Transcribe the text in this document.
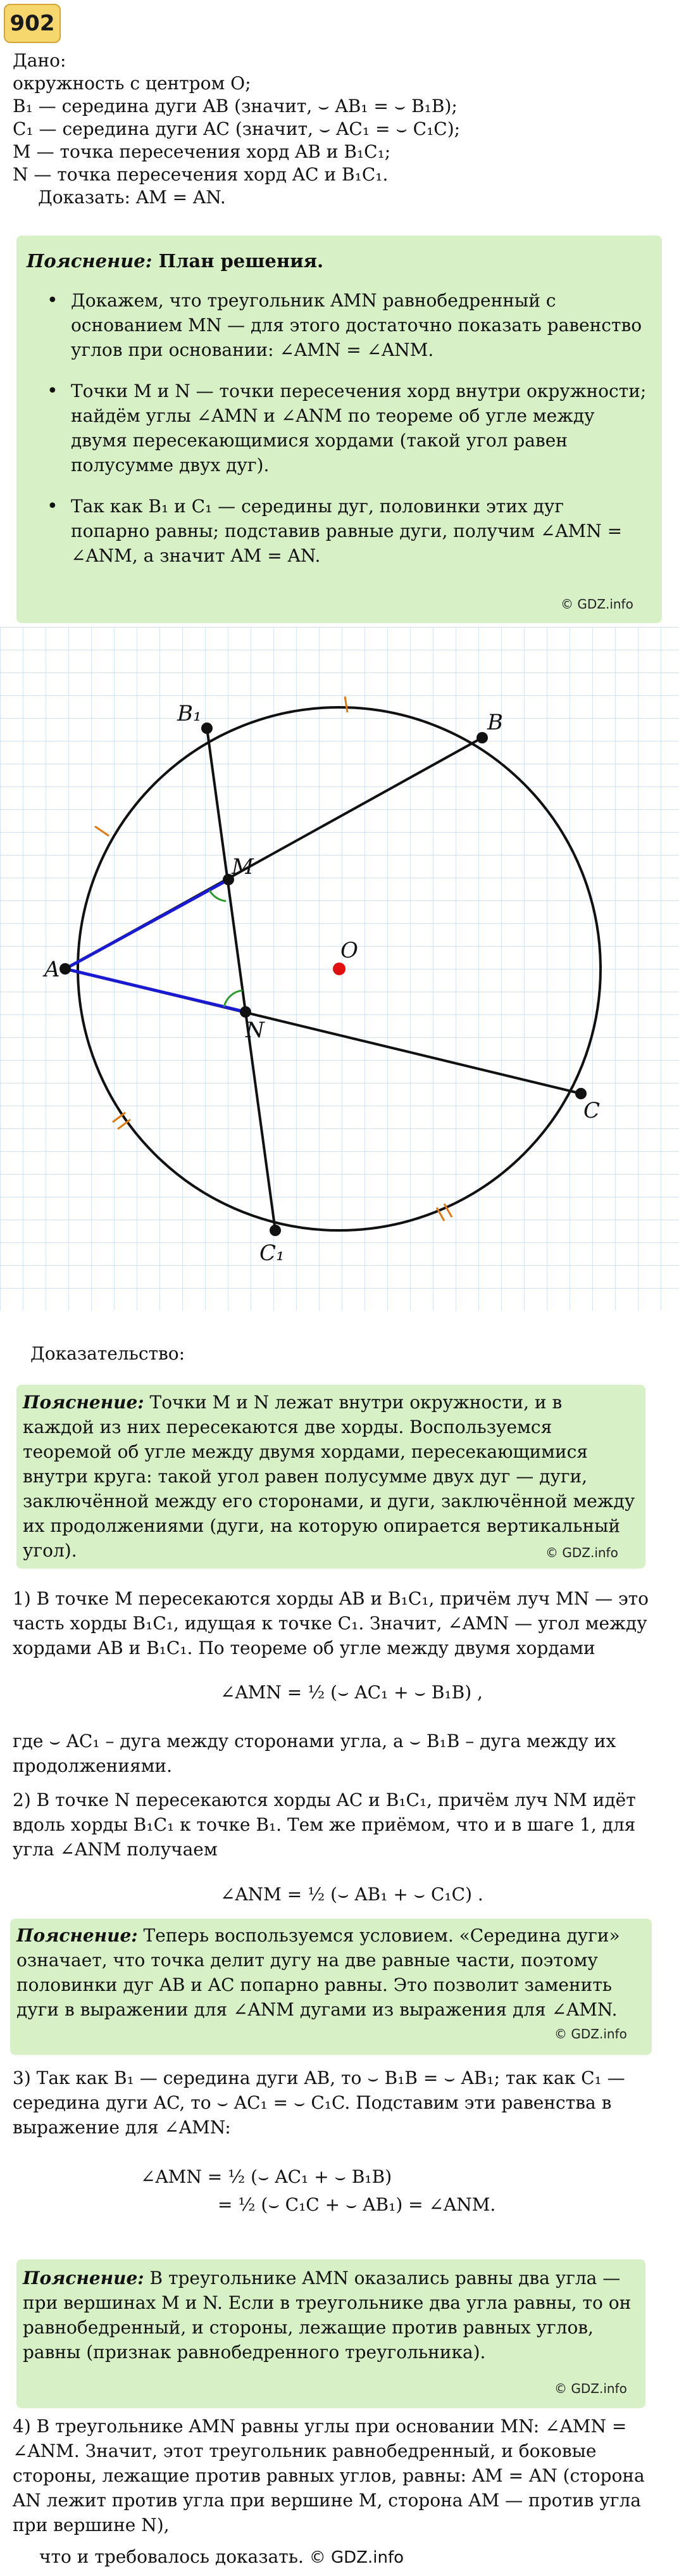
902
Дано:
окружность с центром O;
B₁ — середина дуги AB (значит, ⌣ AB₁ = ⌣ B₁B);
C₁ — середина дуги AC (значит, ⌣ AC₁ = ⌣ C₁C);
M — точка пересечения хорд AB и B₁C₁;
N — точка пересечения хорд AC и B₁C₁.
Доказать: AM = AN.
Пояснение: План решения.
• Докажем, что треугольник AMN равнобедренный с основанием MN — для этого достаточно показать равенство углов при основании: ∠AMN = ∠ANM.
• Точки M и N — точки пересечения хорд внутри окружности; найдём углы ∠AMN и ∠ANM по теореме об угле между двумя пересекающимися хордами (такой угол равен полусумме двух дуг).
• Так как B₁ и C₁ — середины дуг, половинки этих дуг попарно равны; подставив равные дуги, получим ∠AMN = ∠ANM, а значит AM = AN.
© GDZ.info
A
B₁	B
C
C₁
M
N
O
Доказательство:
Пояснение: Точки M и N лежат внутри окружности, и в каждой из них пересекаются две хорды. Воспользуемся теоремой об угле между двумя хордами, пересекающимися внутри круга: такой угол равен полусумме двух дуг — дуги, заключённой между его сторонами, и дуги, заключённой между их продолжениями (дуги, на которую опирается вертикальный угол).	© GDZ.info
1) В точке M пересекаются хорды AB и B₁C₁, причём луч MN — это часть хорды B₁C₁, идущая к точке C₁. Значит, ∠AMN — угол между хордами AB и B₁C₁. По теореме об угле между двумя хордами
∠AMN = ½ (⌣ AC₁ + ⌣ B₁B) ,
где ⌣ AC₁ – дуга между сторонами угла, а ⌣ B₁B – дуга между их продолжениями.
2) В точке N пересекаются хорды AC и B₁C₁, причём луч NM идёт вдоль хорды B₁C₁ к точке B₁. Тем же приёмом, что и в шаге 1, для угла ∠ANM получаем
∠ANM = ½ (⌣ AB₁ + ⌣ C₁C) .
Пояснение: Теперь воспользуемся условием. «Середина дуги» означает, что точка делит дугу на две равные части, поэтому половинки дуг AB и AC попарно равны. Это позволит заменить дуги в выражении для ∠ANM дугами из выражения для ∠AMN.
© GDZ.info
3) Так как B₁ — середина дуги AB, то ⌣ B₁B = ⌣ AB₁; так как C₁ — середина дуги AC, то ⌣ AC₁ = ⌣ C₁C. Подставим эти равенства в выражение для ∠AMN:
∠AMN = ½ (⌣ AC₁ + ⌣ B₁B)
= ½ (⌣ C₁C + ⌣ AB₁) = ∠ANM.
Пояснение: В треугольнике AMN оказались равны два угла — при вершинах M и N. Если в треугольнике два угла равны, то он равнобедренный, и стороны, лежащие против равных углов, равны (признак равнобедренного треугольника).
© GDZ.info
4) В треугольнике AMN равны углы при основании MN: ∠AMN = ∠ANM. Значит, этот треугольник равнобедренный, и боковые стороны, лежащие против равных углов, равны: AM = AN (сторона AN лежит против угла при вершине M, сторона AM — против угла при вершине N),
что и требовалось доказать. © GDZ.info
